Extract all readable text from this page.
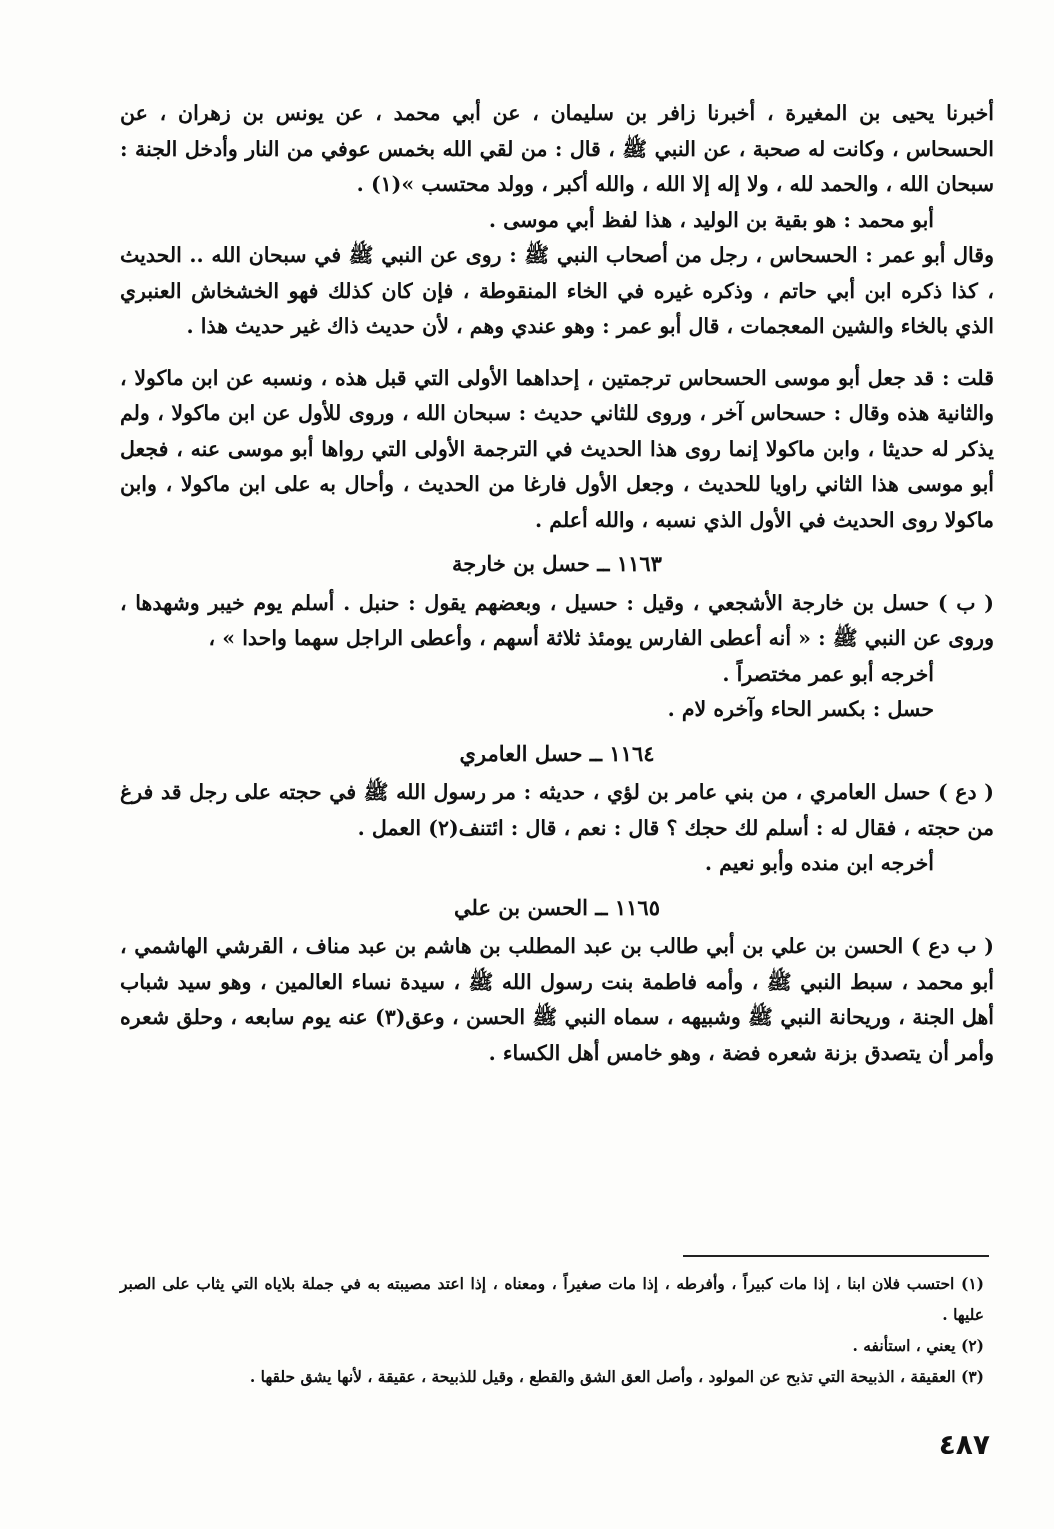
أخبرنا يحيى بن المغيرة ، أخبرنا زافر بن سليمان ، عن أبي محمد ، عن يونس بن زهران ، عن الحسحاس ، وكانت له صحبة ، عن النبي ﷺ ، قال : من لقي الله بخمس عوفي من النار وأدخل الجنة : سبحان الله ، والحمد لله ، ولا إله إلا الله ، والله أكبر ، وولد محتسب »(١) .

أبو محمد : هو بقية بن الوليد ، هذا لفظ أبي موسى .

وقال أبو عمر : الحسحاس ، رجل من أصحاب النبي ﷺ : روى عن النبي ﷺ في سبحان الله .. الحديث ، كذا ذكره ابن أبي حاتم ، وذكره غيره في الخاء المنقوطة ، فإن كان كذلك فهو الخشخاش العنبري الذي بالخاء والشين المعجمات ، قال أبو عمر : وهو عندي وهم ، لأن حديث ذاك غير حديث هذا .

قلت : قد جعل أبو موسى الحسحاس ترجمتين ، إحداهما الأولى التي قبل هذه ، ونسبه عن ابن ماكولا ، والثانية هذه وقال : حسحاس آخر ، وروى للثاني حديث : سبحان الله ، وروى للأول عن ابن ماكولا ، ولم يذكر له حديثا ، وابن ماكولا إنما روى هذا الحديث في الترجمة الأولى التي رواها أبو موسى عنه ، فجعل أبو موسى هذا الثاني راويا للحديث ، وجعل الأول فارغا من الحديث ، وأحال به على ابن ماكولا ، وابن ماكولا روى الحديث في الأول الذي نسبه ، والله أعلم .

١١٦٣ ــ حسل بن خارجة

( ب ) حسل بن خارجة الأشجعي ، وقيل : حسيل ، وبعضهم يقول : حنبل . أسلم يوم خيبر وشهدها ، وروى عن النبي ﷺ : « أنه أعطى الفارس يومئذ ثلاثة أسهم ، وأعطى الراجل سهما واحدا » ،

أخرجه أبو عمر مختصراً .

حسل : بكسر الحاء وآخره لام .

١١٦٤ ــ حسل العامري

( دع ) حسل العامري ، من بني عامر بن لؤي ، حديثه : مر رسول الله ﷺ في حجته على رجل قد فرغ من حجته ، فقال له : أسلم لك حجك ؟ قال : نعم ، قال : ائتنف(٢) العمل .

أخرجه ابن منده وأبو نعيم .

١١٦٥ ــ الحسن بن علي

( ب دع ) الحسن بن علي بن أبي طالب بن عبد المطلب بن هاشم بن عبد مناف ، القرشي الهاشمي ، أبو محمد ، سبط النبي ﷺ ، وأمه فاطمة بنت رسول الله ﷺ ، سيدة نساء العالمين ، وهو سيد شباب أهل الجنة ، وريحانة النبي ﷺ وشبيهه ، سماه النبي ﷺ الحسن ، وعق(٣) عنه يوم سابعه ، وحلق شعره وأمر أن يتصدق بزنة شعره فضة ، وهو خامس أهل الكساء .

(١) احتسب فلان ابنا ، إذا مات كبيراً ، وأفرطه ، إذا مات صغيراً ، ومعناه ، إذا اعتد مصيبته به في جملة بلاياه التي يثاب على الصبر عليها .

(٢) يعني ، استأنفه .

(٣) العقيقة ، الذبيحة التي تذبح عن المولود ، وأصل العق الشق والقطع ، وقيل للذبيحة ، عقيقة ، لأنها يشق حلقها .

٤٨٧
